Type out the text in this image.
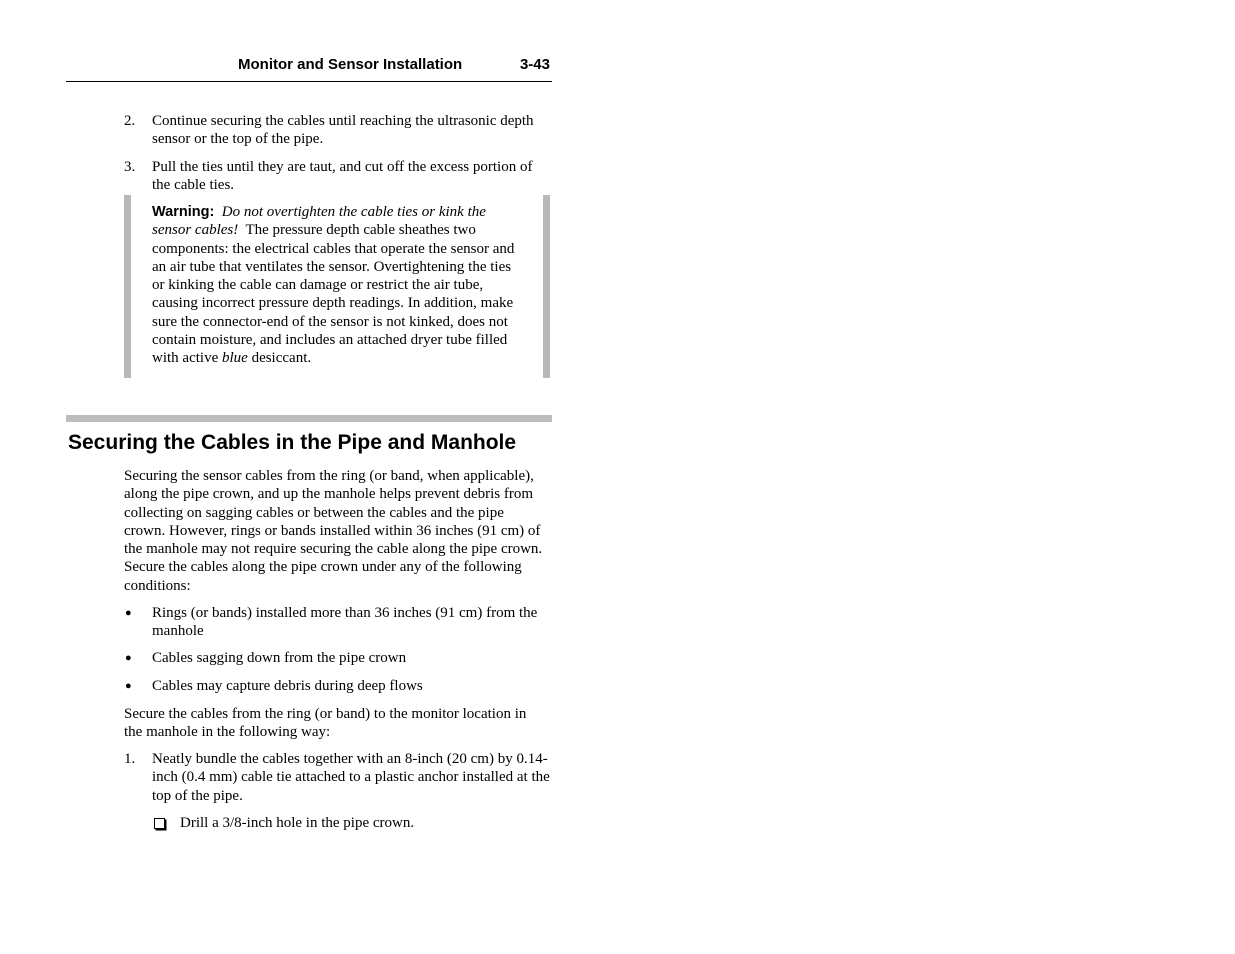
Monitor and Sensor Installation	3-43
2. Continue securing the cables until reaching the ultrasonic depth sensor or the top of the pipe.
3. Pull the ties until they are taut, and cut off the excess portion of the cable ties.
Warning: Do not overtighten the cable ties or kink the sensor cables! The pressure depth cable sheathes two components: the electrical cables that operate the sensor and an air tube that ventilates the sensor. Overtightening the ties or kinking the cable can damage or restrict the air tube, causing incorrect pressure depth readings. In addition, make sure the connector-end of the sensor is not kinked, does not contain moisture, and includes an attached dryer tube filled with active blue desiccant.
Securing the Cables in the Pipe and Manhole
Securing the sensor cables from the ring (or band, when applicable), along the pipe crown, and up the manhole helps prevent debris from collecting on sagging cables or between the cables and the pipe crown. However, rings or bands installed within 36 inches (91 cm) of the manhole may not require securing the cable along the pipe crown. Secure the cables along the pipe crown under any of the following conditions:
● Rings (or bands) installed more than 36 inches (91 cm) from the manhole
● Cables sagging down from the pipe crown
● Cables may capture debris during deep flows
Secure the cables from the ring (or band) to the monitor location in the manhole in the following way:
1. Neatly bundle the cables together with an 8-inch (20 cm) by 0.14-inch (0.4 mm) cable tie attached to a plastic anchor installed at the top of the pipe.
Drill a 3/8-inch hole in the pipe crown.
